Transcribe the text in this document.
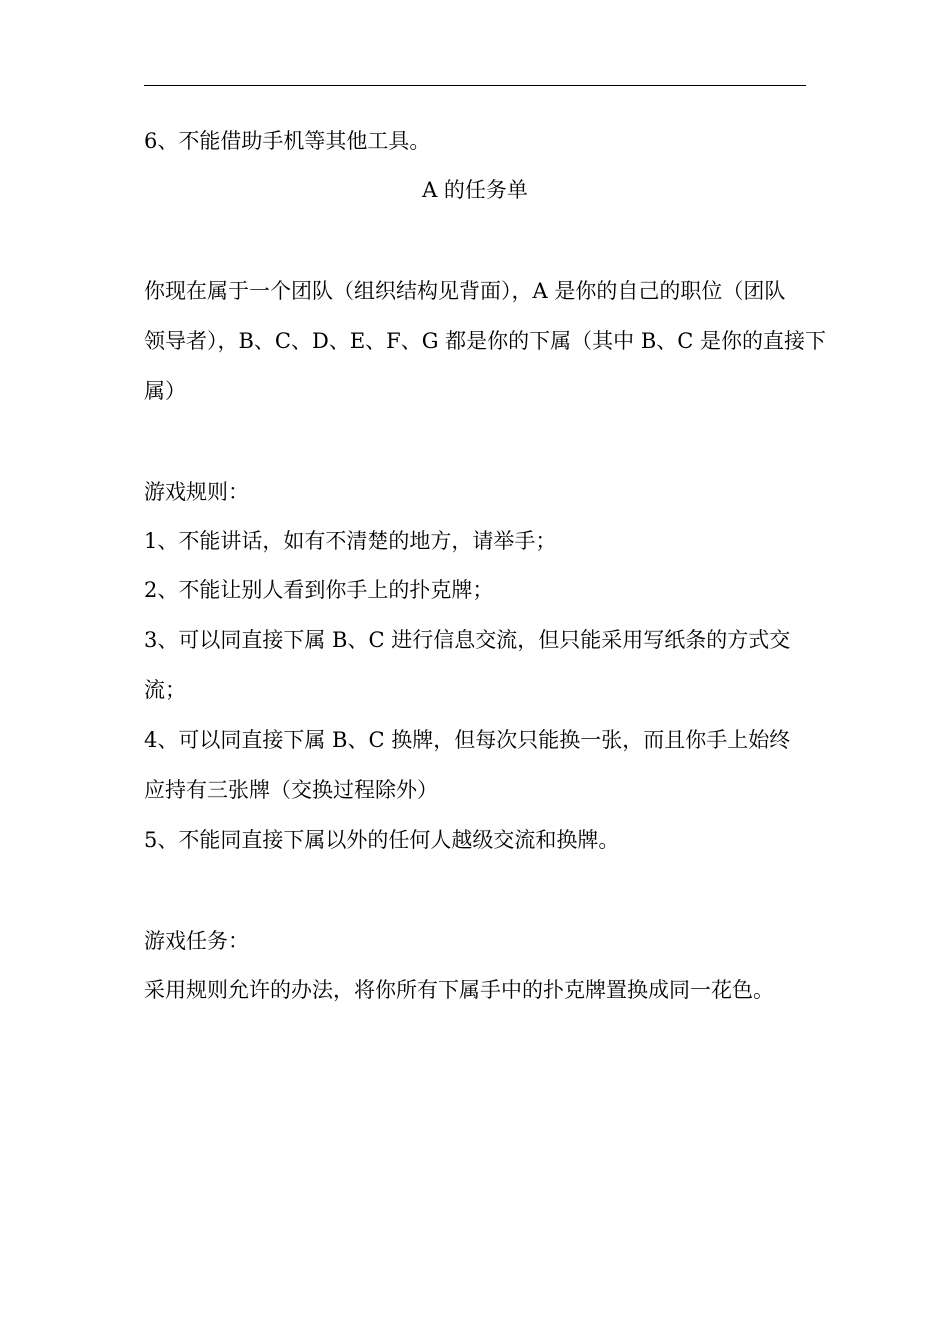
6、不能借助手机等其他工具。
A 的任务单
你现在属于一个团队（组织结构见背面），A 是你的自己的职位（团队
领导者），B、C、D、E、F、G 都是你的下属（其中 B、C 是你的直接下
属）
游戏规则：
1、不能讲话，如有不清楚的地方，请举手；
2、不能让别人看到你手上的扑克牌；
3、可以同直接下属 B、C 进行信息交流，但只能采用写纸条的方式交
流；
4、可以同直接下属 B、C 换牌，但每次只能换一张，而且你手上始终
应持有三张牌（交换过程除外）
5、不能同直接下属以外的任何人越级交流和换牌。
游戏任务：
采用规则允许的办法，将你所有下属手中的扑克牌置换成同一花色。
